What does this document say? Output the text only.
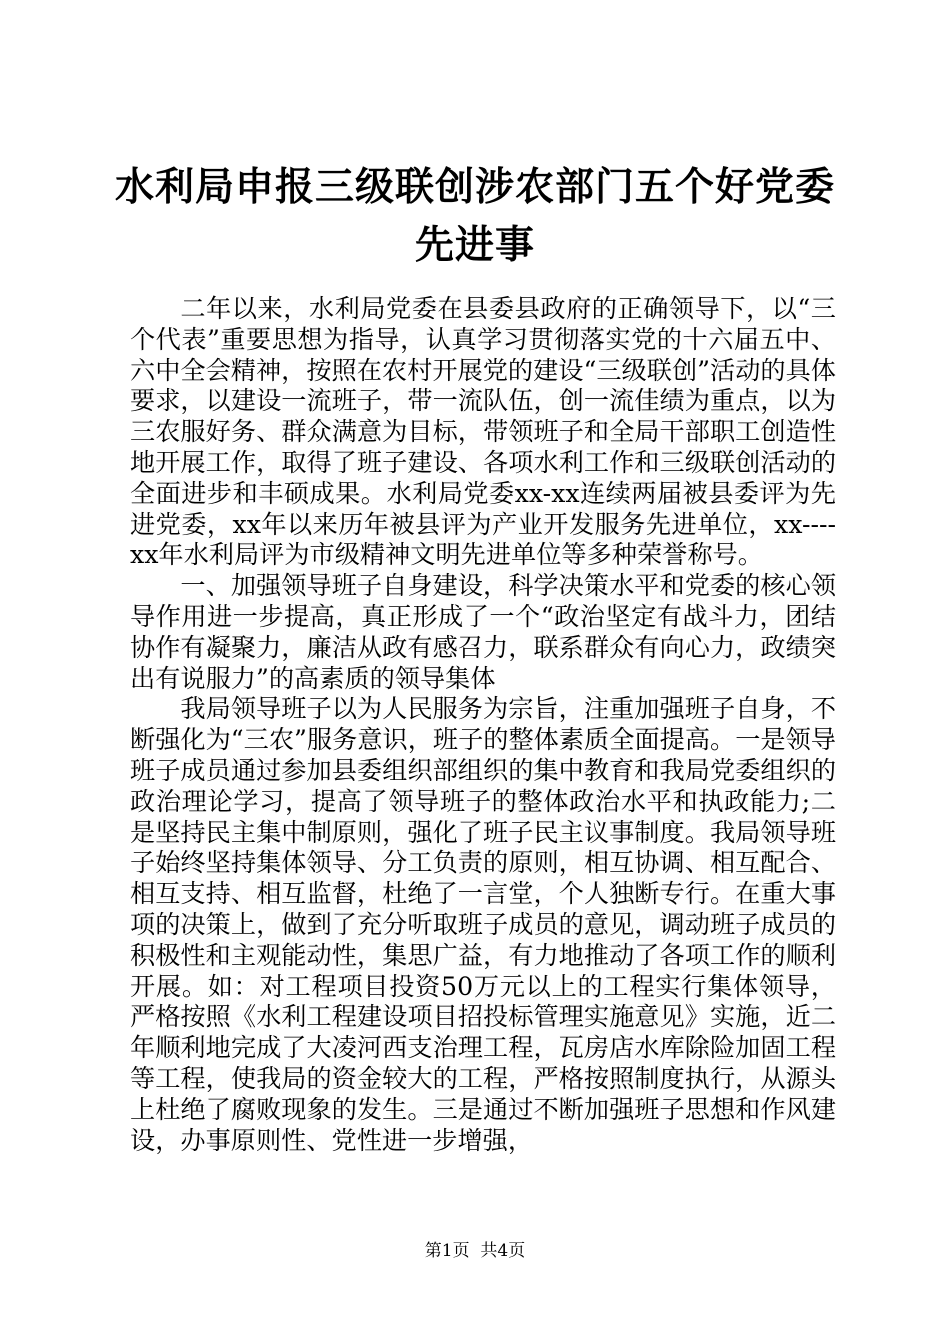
水利局申报三级联创涉农部门五个好党委先进事

二年以来，水利局党委在县委县政府的正确领导下，以“三个代表”重要思想为指导，认真学习贯彻落实党的十六届五中、六中全会精神，按照在农村开展党的建设“三级联创”活动的具体要求，以建设一流班子，带一流队伍，创一流佳绩为重点，以为三农服好务、群众满意为目标，带领班子和全局干部职工创造性地开展工作，取得了班子建设、各项水利工作和三级联创活动的全面进步和丰硕成果。水利局党委xx-xx连续两届被县委评为先进党委，xx年以来历年被县评为产业开发服务先进单位，xx----xx年水利局评为市级精神文明先进单位等多种荣誉称号。

一、加强领导班子自身建设，科学决策水平和党委的核心领导作用进一步提高，真正形成了一个“政治坚定有战斗力，团结协作有凝聚力，廉洁从政有感召力，联系群众有向心力，政绩突出有说服力”的高素质的领导集体

我局领导班子以为人民服务为宗旨，注重加强班子自身，不断强化为“三农”服务意识，班子的整体素质全面提高。一是领导班子成员通过参加县委组织部组织的集中教育和我局党委组织的政治理论学习，提高了领导班子的整体政治水平和执政能力;二是坚持民主集中制原则，强化了班子民主议事制度。我局领导班子始终坚持集体领导、分工负责的原则，相互协调、相互配合、相互支持、相互监督，杜绝了一言堂，个人独断专行。在重大事项的决策上，做到了充分听取班子成员的意见，调动班子成员的积极性和主观能动性，集思广益，有力地推动了各项工作的顺利开展。如：对工程项目投资50万元以上的工程实行集体领导，严格按照《水利工程建设项目招投标管理实施意见》实施，近二年顺利地完成了大凌河西支治理工程，瓦房店水库除险加固工程等工程，使我局的资金较大的工程，严格按照制度执行，从源头上杜绝了腐败现象的发生。三是通过不断加强班子思想和作风建设，办事原则性、党性进一步增强，

第1页  共4页
